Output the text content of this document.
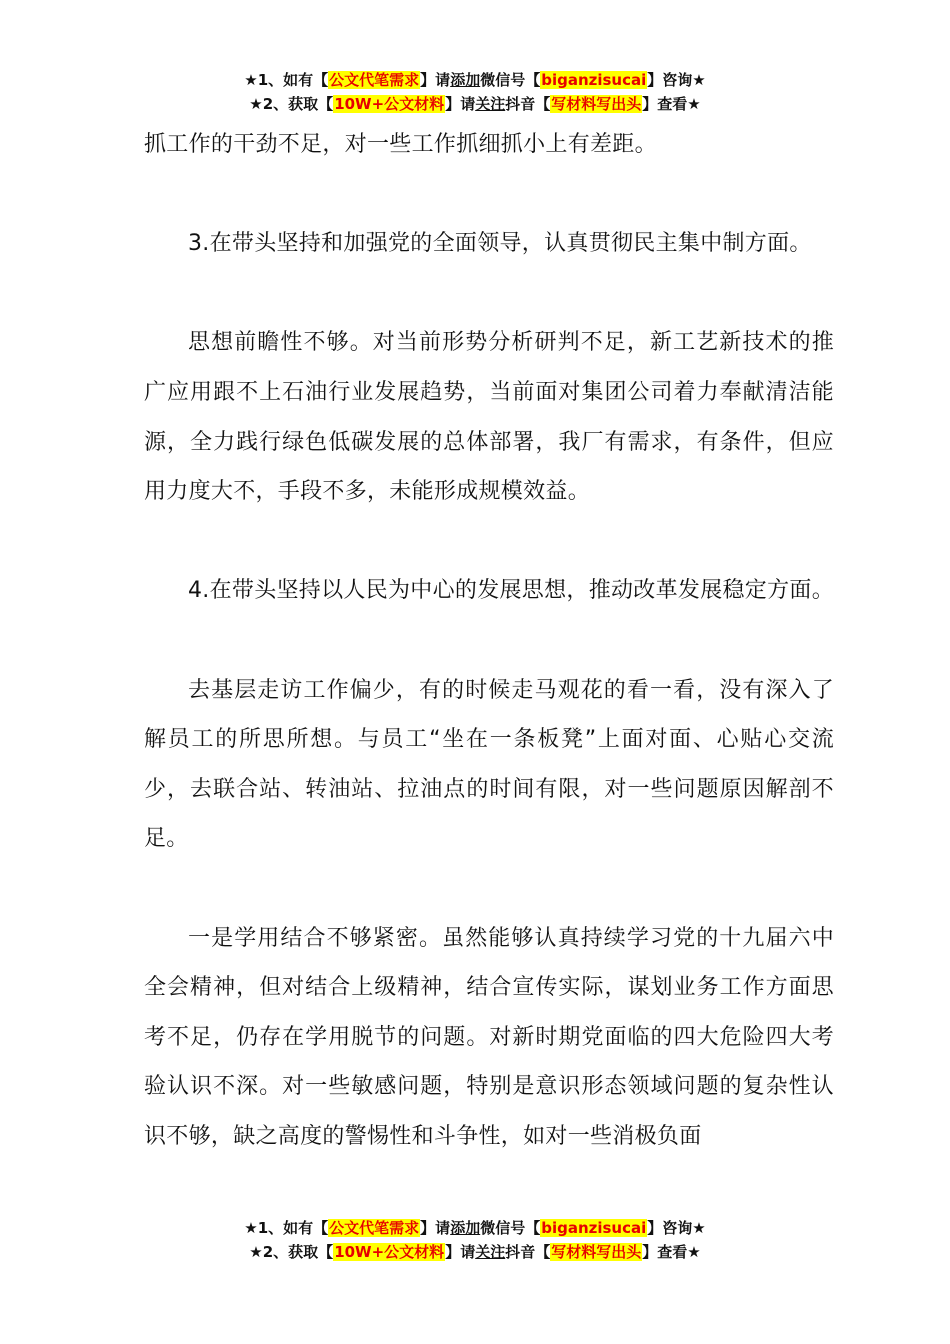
★1、如有【公文代笔需求】请添加微信号【biganzisucai】咨询★
★2、获取【10W+公文材料】请关注抖音【写材料写出头】查看★

抓工作的干劲不足，对一些工作抓细抓小上有差距。

3.在带头坚持和加强党的全面领导，认真贯彻民主集中制方面。

思想前瞻性不够。对当前形势分析研判不足，新工艺新技术的推广应用跟不上石油行业发展趋势，当前面对集团公司着力奉献清洁能源，全力践行绿色低碳发展的总体部署，我厂有需求，有条件，但应用力度大不，手段不多，未能形成规模效益。

4.在带头坚持以人民为中心的发展思想，推动改革发展稳定方面。

去基层走访工作偏少，有的时候走马观花的看一看，没有深入了解员工的所思所想。与员工“坐在一条板凳”上面对面、心贴心交流少，去联合站、转油站、拉油点的时间有限，对一些问题原因解剖不足。

一是学用结合不够紧密。虽然能够认真持续学习党的十九届六中全会精神，但对结合上级精神，结合宣传实际，谋划业务工作方面思考不足，仍存在学用脱节的问题。对新时期党面临的四大危险四大考验认识不深。对一些敏感问题，特别是意识形态领域问题的复杂性认识不够，缺之高度的警惕性和斗争性，如对一些消极负面

★1、如有【公文代笔需求】请添加微信号【biganzisucai】咨询★
★2、获取【10W+公文材料】请关注抖音【写材料写出头】查看★
